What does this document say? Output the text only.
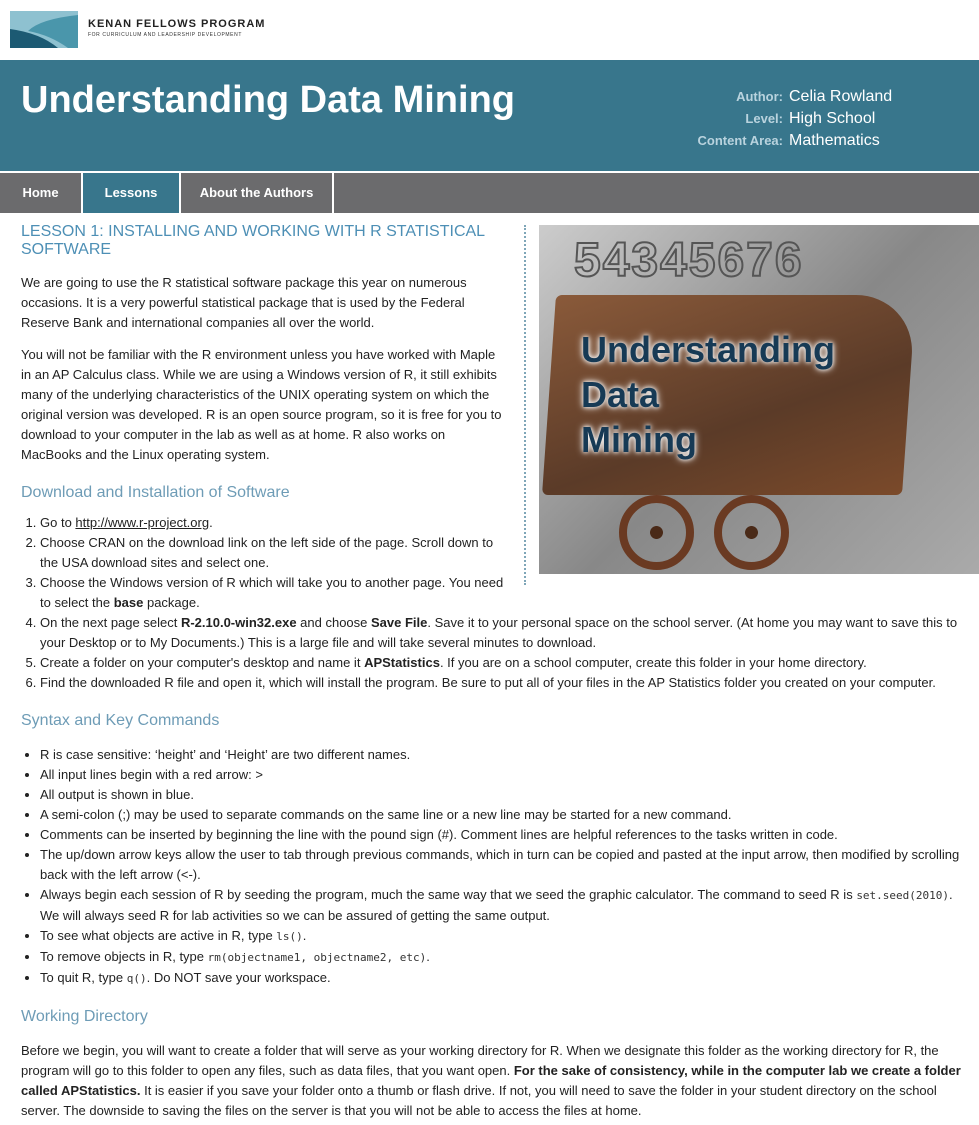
KENAN FELLOWS PROGRAM
FOR CURRICULUM AND LEADERSHIP DEVELOPMENT
Understanding Data Mining	Author: Celia Rowland
Level: High School
Content Area: Mathematics
Home	Lessons	About the Authors
54345676
Understanding
Data
Mining
LESSON 1: INSTALLING AND WORKING WITH R STATISTICAL SOFTWARE

We are going to use the R statistical software package this year on numerous occasions. It is a very powerful statistical package that is used by the Federal Reserve Bank and international companies all over the world.

You will not be familiar with the R environment unless you have worked with Maple in an AP Calculus class. While we are using a Windows version of R, it still exhibits many of the underlying characteristics of the UNIX operating system on which the original version was developed. R is an open source program, so it is free for you to download to your computer in the lab as well as at home. R also works on MacBooks and the Linux operating system.

Download and Installation of Software
1. Go to http://www.r-project.org.
2. Choose CRAN on the download link on the left side of the page. Scroll down to the USA download sites and select one.
3. Choose the Windows version of R which will take you to another page. You need to select the base package.
4. On the next page select R-2.10.0-win32.exe and choose Save File. Save it to your personal space on the school server. (At home you may want to save this to your Desktop or to My Documents.) This is a large file and will take several minutes to download.
5. Create a folder on your computer's desktop and name it APStatistics. If you are on a school computer, create this folder in your home directory.
6. Find the downloaded R file and open it, which will install the program. Be sure to put all of your files in the AP Statistics folder you created on your computer.
Syntax and Key Commands
• R is case sensitive: ‘height’ and ‘Height’ are two different names.
• All input lines begin with a red arrow: >
• All output is shown in blue.
• A semi-colon (;) may be used to separate commands on the same line or a new line may be started for a new command.
• Comments can be inserted by beginning the line with the pound sign (#). Comment lines are helpful references to the tasks written in code.
• The up/down arrow keys allow the user to tab through previous commands, which in turn can be copied and pasted at the input arrow, then modified by scrolling back with the left arrow (<-).
• Always begin each session of R by seeding the program, much the same way that we seed the graphic calculator. The command to seed R is set.seed(2010). We will always seed R for lab activities so we can be assured of getting the same output.
• To see what objects are active in R, type ls().
• To remove objects in R, type rm(objectname1, objectname2, etc).
• To quit R, type q(). Do NOT save your workspace.
Working Directory

Before we begin, you will want to create a folder that will serve as your working directory for R. When we designate this folder as the working directory for R, the program will go to this folder to open any files, such as data files, that you want open. For the sake of consistency, while in the computer lab we create a folder called APStatistics. It is easier if you save your folder onto a thumb or flash drive. If not, you will need to save the folder in your student directory on the school server. The downside to saving the files on the server is that you will not be able to access the files at home.
